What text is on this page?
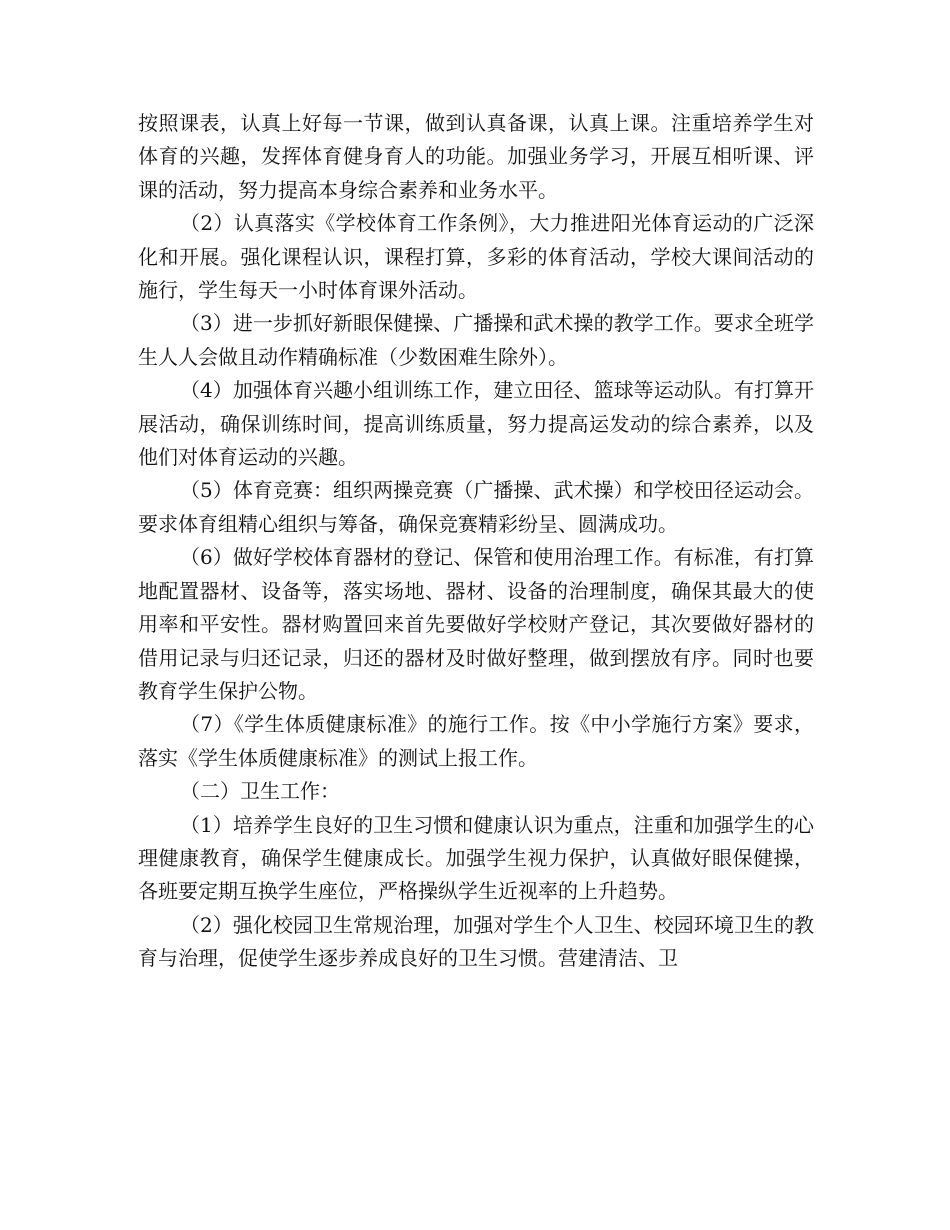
按照课表，认真上好每一节课，做到认真备课，认真上课。注重培养学生对体育的兴趣，发挥体育健身育人的功能。加强业务学习，开展互相听课、评课的活动，努力提高本身综合素养和业务水平。

（2）认真落实《学校体育工作条例》，大力推进阳光体育运动的广泛深化和开展。强化课程认识，课程打算，多彩的体育活动，学校大课间活动的施行，学生每天一小时体育课外活动。

（3）进一步抓好新眼保健操、广播操和武术操的教学工作。要求全班学生人人会做且动作精确标准（少数困难生除外）。

（4）加强体育兴趣小组训练工作，建立田径、篮球等运动队。有打算开展活动，确保训练时间，提高训练质量，努力提高运发动的综合素养，以及他们对体育运动的兴趣。

（5）体育竞赛：组织两操竞赛（广播操、武术操）和学校田径运动会。要求体育组精心组织与筹备，确保竞赛精彩纷呈、圆满成功。

（6）做好学校体育器材的登记、保管和使用治理工作。有标准，有打算地配置器材、设备等，落实场地、器材、设备的治理制度，确保其最大的使用率和平安性。器材购置回来首先要做好学校财产登记，其次要做好器材的借用记录与归还记录，归还的器材及时做好整理，做到摆放有序。同时也要教育学生保护公物。

（7）《学生体质健康标准》的施行工作。按《中小学施行方案》要求，落实《学生体质健康标准》的测试上报工作。

（二）卫生工作：

（1）培养学生良好的卫生习惯和健康认识为重点，注重和加强学生的心理健康教育，确保学生健康成长。加强学生视力保护，认真做好眼保健操，各班要定期互换学生座位，严格操纵学生近视率的上升趋势。

（2）强化校园卫生常规治理，加强对学生个人卫生、校园环境卫生的教育与治理，促使学生逐步养成良好的卫生习惯。营建清洁、卫
